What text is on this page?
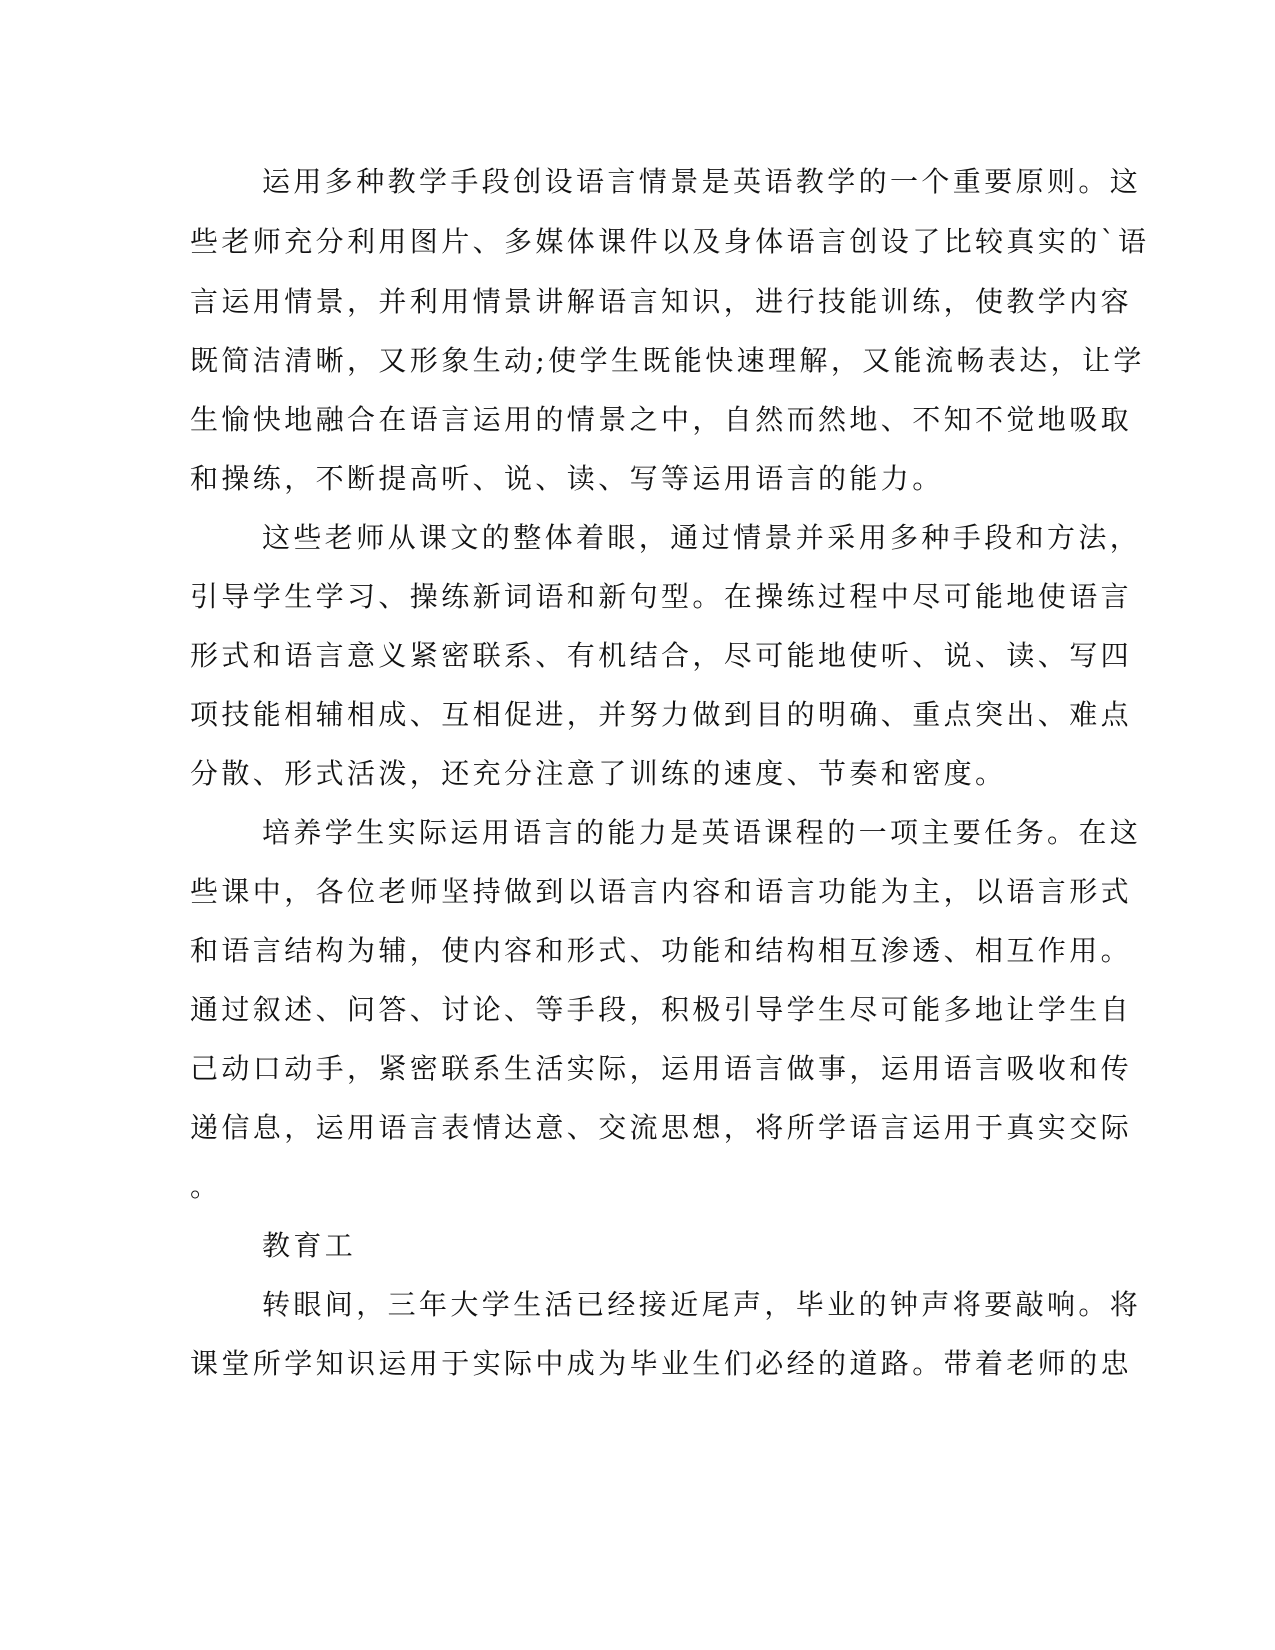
运用多种教学手段创设语言情景是英语教学的一个重要原则。这
些老师充分利用图片、多媒体课件以及身体语言创设了比较真实的`语
言运用情景，并利用情景讲解语言知识，进行技能训练，使教学内容
既简洁清晰，又形象生动;使学生既能快速理解，又能流畅表达，让学
生愉快地融合在语言运用的情景之中，自然而然地、不知不觉地吸取
和操练，不断提高听、说、读、写等运用语言的能力。
这些老师从课文的整体着眼，通过情景并采用多种手段和方法，
引导学生学习、操练新词语和新句型。在操练过程中尽可能地使语言
形式和语言意义紧密联系、有机结合，尽可能地使听、说、读、写四
项技能相辅相成、互相促进，并努力做到目的明确、重点突出、难点
分散、形式活泼，还充分注意了训练的速度、节奏和密度。
培养学生实际运用语言的能力是英语课程的一项主要任务。在这
些课中，各位老师坚持做到以语言内容和语言功能为主，以语言形式
和语言结构为辅，使内容和形式、功能和结构相互渗透、相互作用。
通过叙述、问答、讨论、等手段，积极引导学生尽可能多地让学生自
己动口动手，紧密联系生活实际，运用语言做事，运用语言吸收和传
递信息，运用语言表情达意、交流思想，将所学语言运用于真实交际
。
教育工
转眼间，三年大学生活已经接近尾声，毕业的钟声将要敲响。将
课堂所学知识运用于实际中成为毕业生们必经的道路。带着老师的忠
